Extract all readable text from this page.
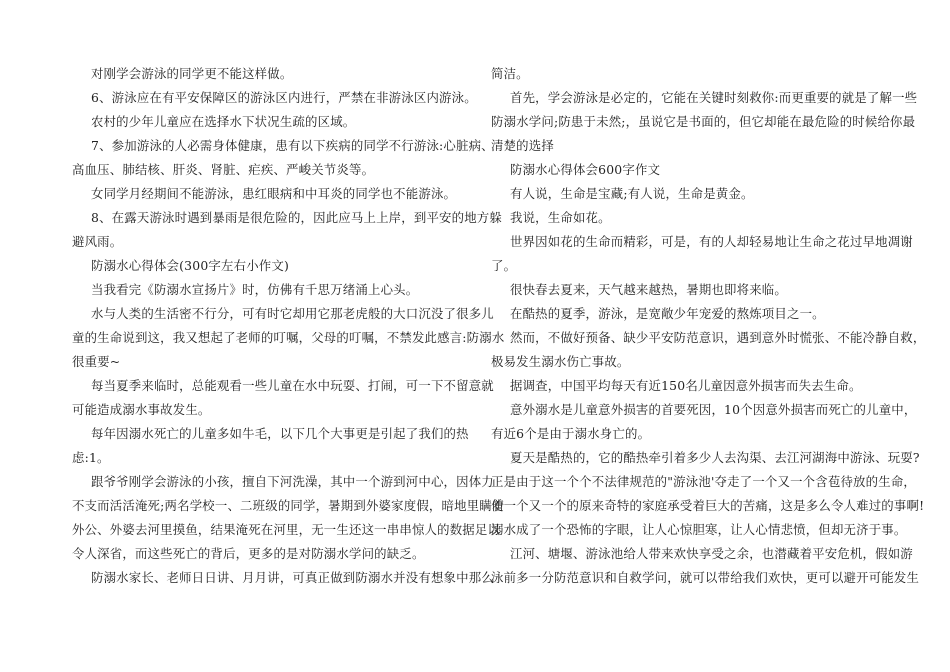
对刚学会游泳的同学更不能这样做。
6、游泳应在有平安保障区的游泳区内进行，严禁在非游泳区内游泳。
农村的少年儿童应在选择水下状况生疏的区域。
7、参加游泳的人必需身体健康，患有以下疾病的同学不行游泳:心脏病、
高血压、肺结核、肝炎、肾脏、疟疾、严峻关节炎等。
女同学月经期间不能游泳，患红眼病和中耳炎的同学也不能游泳。
8、在露天游泳时遇到暴雨是很危险的，因此应马上上岸，到平安的地方躲
避风雨。
防溺水心得体会(300字左右小作文)
当我看完《防溺水宣扬片》时，仿佛有千思万绪涌上心头。
水与人类的生活密不行分，可有时它却用它那老虎般的大口沉没了很多儿
童的生命说到这，我又想起了老师的叮嘱，父母的叮嘱，不禁发此感言:防溺水
很重要~
每当夏季来临时，总能观看一些儿童在水中玩耍、打闹，可一下不留意就
可能造成溺水事故发生。
每年因溺水死亡的儿童多如牛毛，以下几个大事更是引起了我们的热
虑:1。
跟爷爷刚学会游泳的小孩，擅自下河洗澡，其中一个游到河中心，因体力
不支而活活淹死;两名学校一、二班级的同学，暑期到外婆家度假，暗地里瞒着
外公、外婆去河里摸鱼，结果淹死在河里，无一生还这一串串惊人的数据足以
令人深省，而这些死亡的背后，更多的是对防溺水学问的缺乏。
防溺水家长、老师日日讲、月月讲，可真正做到防溺水并没有想象中那么
简洁。
首先，学会游泳是必定的，它能在关键时刻救你:而更重要的就是了解一些
防溺水学问;防患于未然;，虽说它是书面的，但它却能在最危险的时候给你最
清楚的选择
防溺水心得体会600字作文
有人说，生命是宝藏;有人说，生命是黄金。
我说，生命如花。
世界因如花的生命而精彩，可是，有的人却轻易地让生命之花过早地凋谢
了。
很快春去夏来，天气越来越热，暑期也即将来临。
在酷热的夏季，游泳，是宽敞少年宠爱的熬炼项目之一。
然而，不做好预备、缺少平安防范意识，遇到意外时慌张、不能冷静自救，
极易发生溺水伤亡事故。
据调查，中国平均每天有近150名儿童因意外损害而失去生命。
意外溺水是儿童意外损害的首要死因，10个因意外损害而死亡的儿童中，
有近6个是由于溺水身亡的。
夏天是酷热的，它的酷热牵引着多少人去沟渠、去江河湖海中游泳、玩耍?
正是由于这一个个不法律规范的"游泳池'夺走了一个又一个含苞待放的生命，
使一个又一个的原来奇特的家庭承受着巨大的苦痛，这是多么令人难过的事啊!
溺水成了一个恐怖的字眼，让人心惊胆寒，让人心情悲愤，但却无济于事。
江河、塘堰、游泳池给人带来欢快享受之余，也潜藏着平安危机，假如游
泳前多一分防范意识和自救学问，就可以带给我们欢快，更可以避开可能发生
